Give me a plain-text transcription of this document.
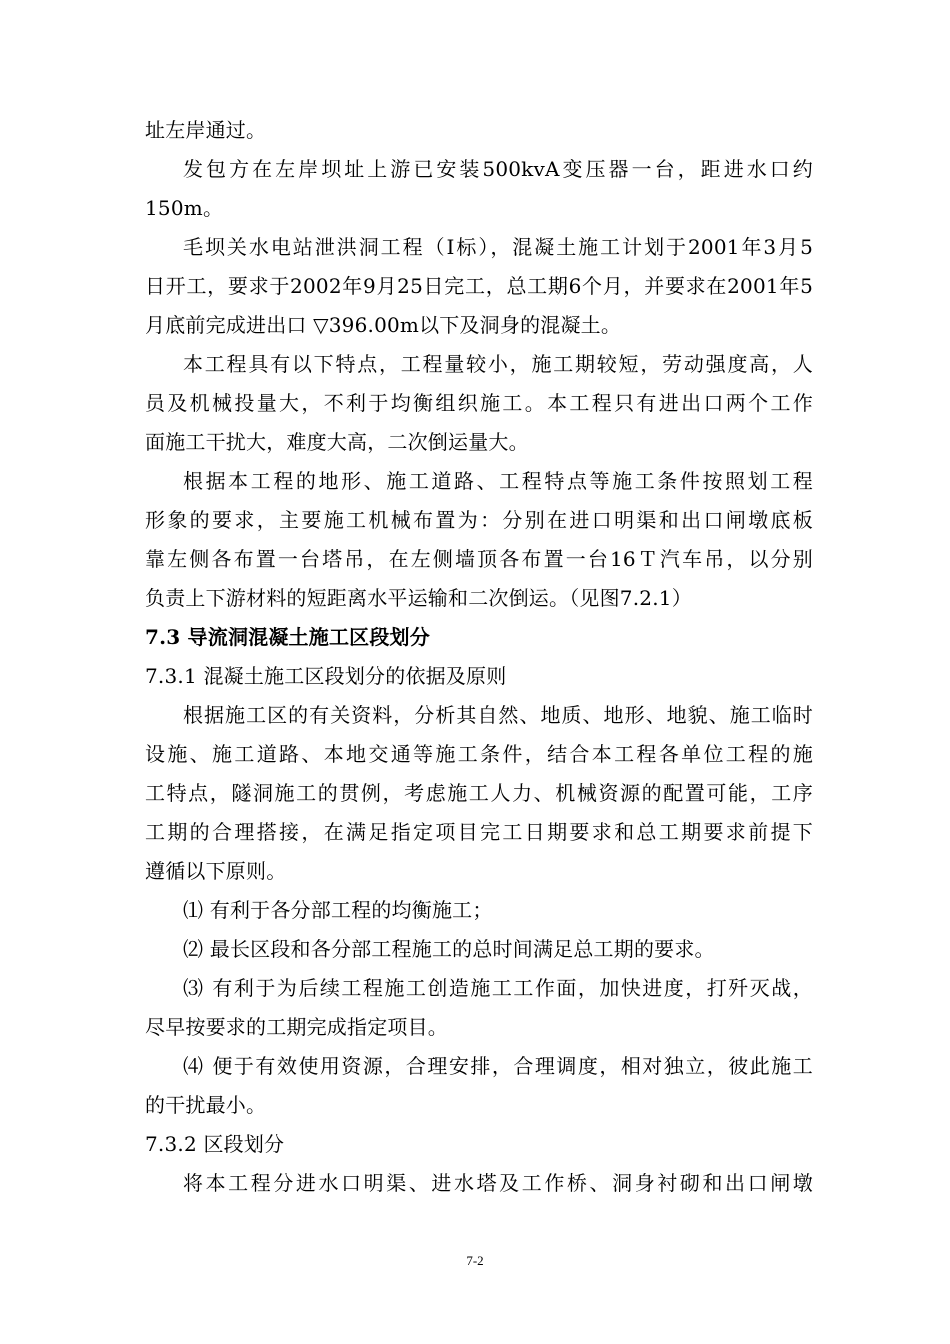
址左岸通过。
发包方在左岸坝址上游已安装500kvA变压器一台，距进水口约
150m。
毛坝关水电站泄洪洞工程（Ⅰ标），混凝土施工计划于2001年3月5
日开工，要求于2002年9月25日完工，总工期6个月，并要求在2001年5
月底前完成进出口 ▽396.00m以下及洞身的混凝土。
本工程具有以下特点，工程量较小，施工期较短，劳动强度高，人
员及机械投量大，不利于均衡组织施工。本工程只有进出口两个工作
面施工干扰大，难度大高，二次倒运量大。
根据本工程的地形、施工道路、工程特点等施工条件按照划工程
形象的要求，主要施工机械布置为：分别在进口明渠和出口闸墩底板
靠左侧各布置一台塔吊，在左侧墙顶各布置一台16Ｔ汽车吊，以分别
负责上下游材料的短距离水平运输和二次倒运。（见图7.2.1）
7.3 导流洞混凝土施工区段划分
7.3.1 混凝土施工区段划分的依据及原则
根据施工区的有关资料，分析其自然、地质、地形、地貌、施工临时
设施、施工道路、本地交通等施工条件，结合本工程各单位工程的施
工特点，隧洞施工的贯例，考虑施工人力、机械资源的配置可能，工序
工期的合理搭接，在满足指定项目完工日期要求和总工期要求前提下
遵循以下原则。
⑴ 有利于各分部工程的均衡施工；
⑵ 最长区段和各分部工程施工的总时间满足总工期的要求。
⑶ 有利于为后续工程施工创造施工工作面，加快进度，打歼灭战，
尽早按要求的工期完成指定项目。
⑷ 便于有效使用资源，合理安排，合理调度，相对独立，彼此施工
的干扰最小。
7.3.2 区段划分
将本工程分进水口明渠、进水塔及工作桥、洞身衬砌和出口闸墩
7-2
